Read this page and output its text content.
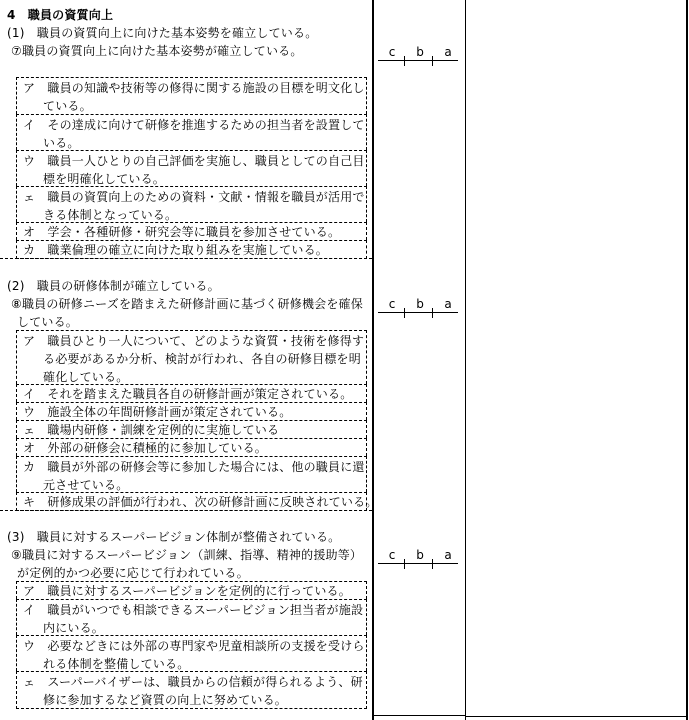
4　職員の資質向上
(1)　職員の資質向上に向けた基本姿勢を確立している。
⑦職員の資質向上に向けた基本姿勢が確立している。	c	b	a
ア　職員の知識や技術等の修得に関する施設の目標を明文化し
ている。
イ　その達成に向けて研修を推進するための担当者を設置して
いる。
ウ　職員一人ひとりの自己評価を実施し、職員としての自己目
標を明確化している。
ェ　職員の資質向上のための資料・文献・情報を職員が活用で
きる体制となっている。
オ　学会・各種研修・研究会等に職員を参加させている。
カ　職業倫理の確立に向けた取り組みを実施している。
(2)　職員の研修体制が確立している。
⑧職員の研修ニーズを踏まえた研修計画に基づく研修機会を確保
している。
c	b	a
ア　職員ひとり一人について、どのような資質・技術を修得す
る必要があるか分析、検討が行われ、各自の研修目標を明
確化している。
イ　それを踏まえた職員各自の研修計画が策定されている。
ウ　施設全体の年間研修計画が策定されている。
ェ　職場内研修・訓練を定例的に実施している
オ　外部の研修会に積極的に参加している。
カ　職員が外部の研修会等に参加した場合には、他の職員に還
元させている。
キ　研修成果の評価が行われ、次の研修計画に反映されている。
(3)　職員に対するスーパービジョン体制が整備されている。
⑨職員に対するスーパービジョン（訓練、指導、精神的援助等）
が定例的かつ必要に応じて行われている。
c	b	a
ア　職員に対するスーパービジョンを定例的に行っている。
イ　職員がいつでも相談できるスーパービジョン担当者が施設
内にいる。
ウ　必要などきには外部の専門家や児童相談所の支援を受けら
れる体制を整備している。
ェ　スーパーバイザーは、職員からの信頼が得られるよう、研
修に参加するなど資質の向上に努めている。
